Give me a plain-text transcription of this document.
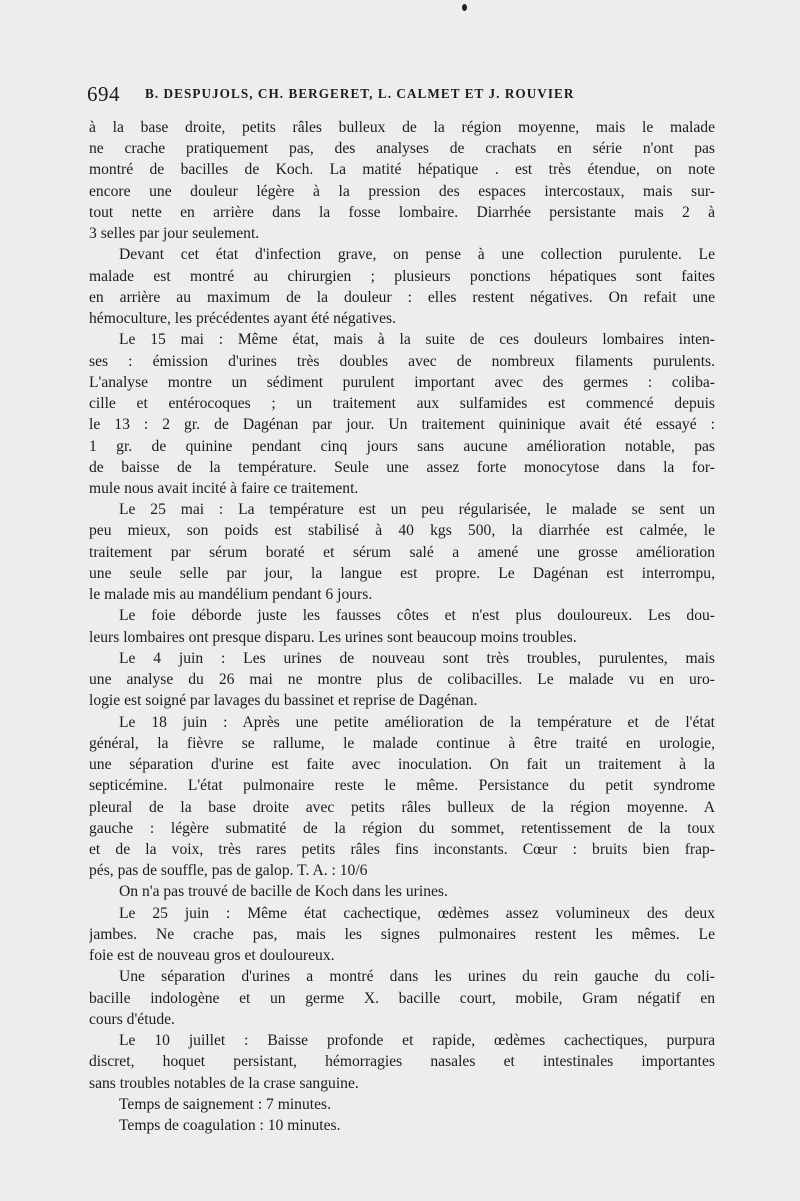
694 B. DESPUJOLS, CH. BERGERET, L. CALMET ET J. ROUVIER
à la base droite, petits râles bulleux de la région moyenne, mais le malade
ne crache pratiquement pas, des analyses de crachats en série n'ont pas
montré de bacilles de Koch. La matité hépatique . est très étendue, on note
encore une douleur légère à la pression des espaces intercostaux, mais sur-
tout nette en arrière dans la fosse lombaire. Diarrhée persistante mais 2 à
3 selles par jour seulement.
Devant cet état d'infection grave, on pense à une collection purulente. Le
malade est montré au chirurgien ; plusieurs ponctions hépatiques sont faites
en arrière au maximum de la douleur : elles restent négatives. On refait une
hémoculture, les précédentes ayant été négatives.
Le 15 mai : Même état, mais à la suite de ces douleurs lombaires inten-
ses : émission d'urines très doubles avec de nombreux filaments purulents.
L'analyse montre un sédiment purulent important avec des germes : coliba-
cille et entérocoques ; un traitement aux sulfamides est commencé depuis
le 13 : 2 gr. de Dagénan par jour. Un traitement quininique avait été essayé :
1 gr. de quinine pendant cinq jours sans aucune amélioration notable, pas
de baisse de la température. Seule une assez forte monocytose dans la for-
mule nous avait incité à faire ce traitement.
Le 25 mai : La température est un peu régularisée, le malade se sent un
peu mieux, son poids est stabilisé à 40 kgs 500, la diarrhée est calmée, le
traitement par sérum boraté et sérum salé a amené une grosse amélioration
une seule selle par jour, la langue est propre. Le Dagénan est interrompu,
le malade mis au mandélium pendant 6 jours.
Le foie déborde juste les fausses côtes et n'est plus douloureux. Les dou-
leurs lombaires ont presque disparu. Les urines sont beaucoup moins troubles.
Le 4 juin : Les urines de nouveau sont très troubles, purulentes, mais
une analyse du 26 mai ne montre plus de colibacilles. Le malade vu en uro-
logie est soigné par lavages du bassinet et reprise de Dagénan.
Le 18 juin : Après une petite amélioration de la température et de l'état
général, la fièvre se rallume, le malade continue à être traité en urologie,
une séparation d'urine est faite avec inoculation. On fait un traitement à la
septicémine. L'état pulmonaire reste le même. Persistance du petit syndrome
pleural de la base droite avec petits râles bulleux de la région moyenne. A
gauche : légère submatité de la région du sommet, retentissement de la toux
et de la voix, très rares petits râles fins inconstants. Cœur : bruits bien frap-
pés, pas de souffle, pas de galop. T. A. : 10/6
On n'a pas trouvé de bacille de Koch dans les urines.
Le 25 juin : Même état cachectique, œdèmes assez volumineux des deux
jambes. Ne crache pas, mais les signes pulmonaires restent les mêmes. Le
foie est de nouveau gros et douloureux.
Une séparation d'urines a montré dans les urines du rein gauche du coli-
bacille indologène et un germe X. bacille court, mobile, Gram négatif en
cours d'étude.
Le 10 juillet : Baisse profonde et rapide, œdèmes cachectiques, purpura
discret, hoquet persistant, hémorragies nasales et intestinales importantes
sans troubles notables de la crase sanguine.
Temps de saignement : 7 minutes.
Temps de coagulation : 10 minutes.
